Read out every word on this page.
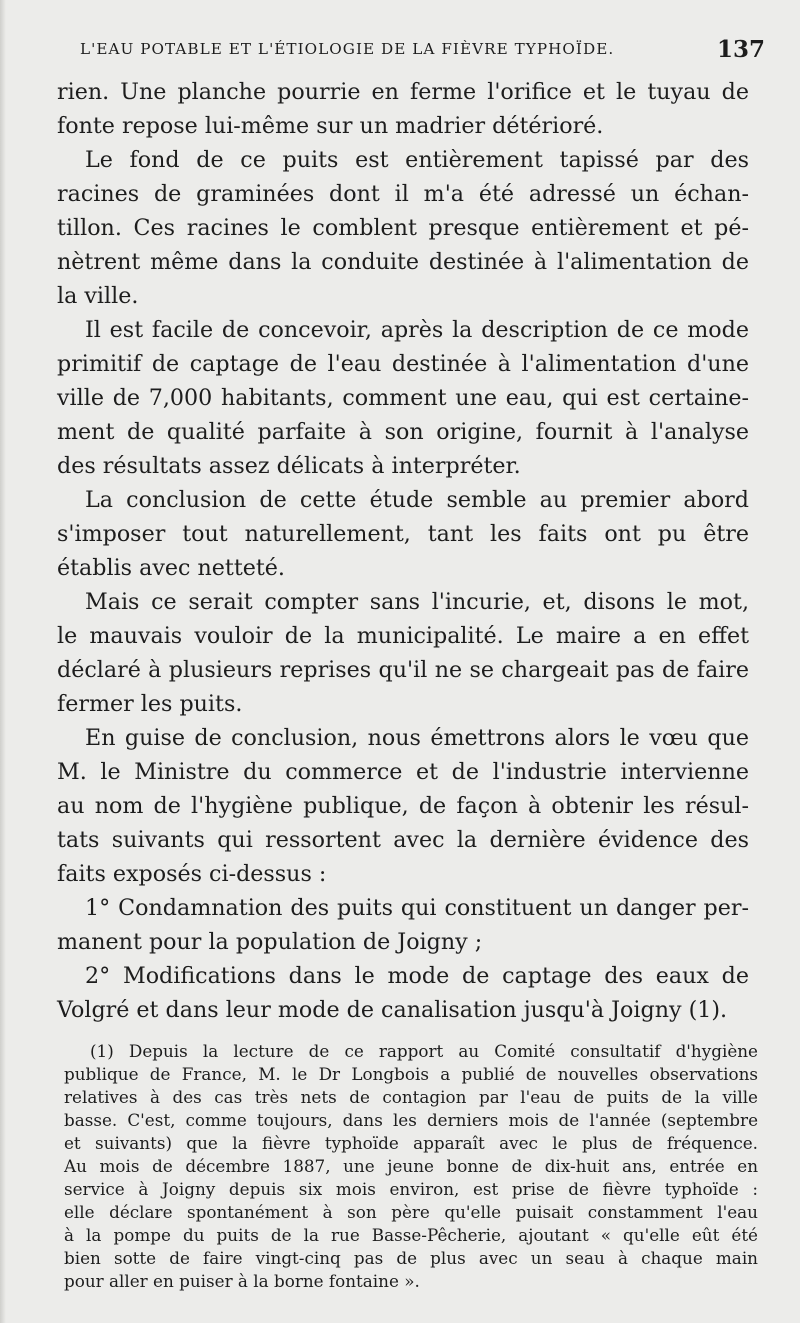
L'EAU POTABLE ET L'ÉTIOLOGIE DE LA FIÈVRE TYPHOÏDE.	137
rien. Une planche pourrie en ferme l'orifice et le tuyau de
fonte repose lui-même sur un madrier détérioré.
Le fond de ce puits est entièrement tapissé par des
racines de graminées dont il m'a été adressé un échan-
tillon. Ces racines le comblent presque entièrement et pé-
nètrent même dans la conduite destinée à l'alimentation de
la ville.
Il est facile de concevoir, après la description de ce mode
primitif de captage de l'eau destinée à l'alimentation d'une
ville de 7,000 habitants, comment une eau, qui est certaine-
ment de qualité parfaite à son origine, fournit à l'analyse
des résultats assez délicats à interpréter.
La conclusion de cette étude semble au premier abord
s'imposer tout naturellement, tant les faits ont pu être
établis avec netteté.
Mais ce serait compter sans l'incurie, et, disons le mot,
le mauvais vouloir de la municipalité. Le maire a en effet
déclaré à plusieurs reprises qu'il ne se chargeait pas de faire
fermer les puits.
En guise de conclusion, nous émettrons alors le vœu que
M. le Ministre du commerce et de l'industrie intervienne
au nom de l'hygiène publique, de façon à obtenir les résul-
tats suivants qui ressortent avec la dernière évidence des
faits exposés ci-dessus :
1° Condamnation des puits qui constituent un danger per-
manent pour la population de Joigny ;
2° Modifications dans le mode de captage des eaux de
Volgré et dans leur mode de canalisation jusqu'à Joigny (1).
(1) Depuis la lecture de ce rapport au Comité consultatif d'hygiène
publique de France, M. le Dr Longbois a publié de nouvelles observations
relatives à des cas très nets de contagion par l'eau de puits de la ville
basse. C'est, comme toujours, dans les derniers mois de l'année (septembre
et suivants) que la fièvre typhoïde apparaît avec le plus de fréquence.
Au mois de décembre 1887, une jeune bonne de dix-huit ans, entrée en
service à Joigny depuis six mois environ, est prise de fièvre typhoïde :
elle déclare spontanément à son père qu'elle puisait constamment l'eau
à la pompe du puits de la rue Basse-Pêcherie, ajoutant « qu'elle eût été
bien sotte de faire vingt-cinq pas de plus avec un seau à chaque main
pour aller en puiser à la borne fontaine ».
